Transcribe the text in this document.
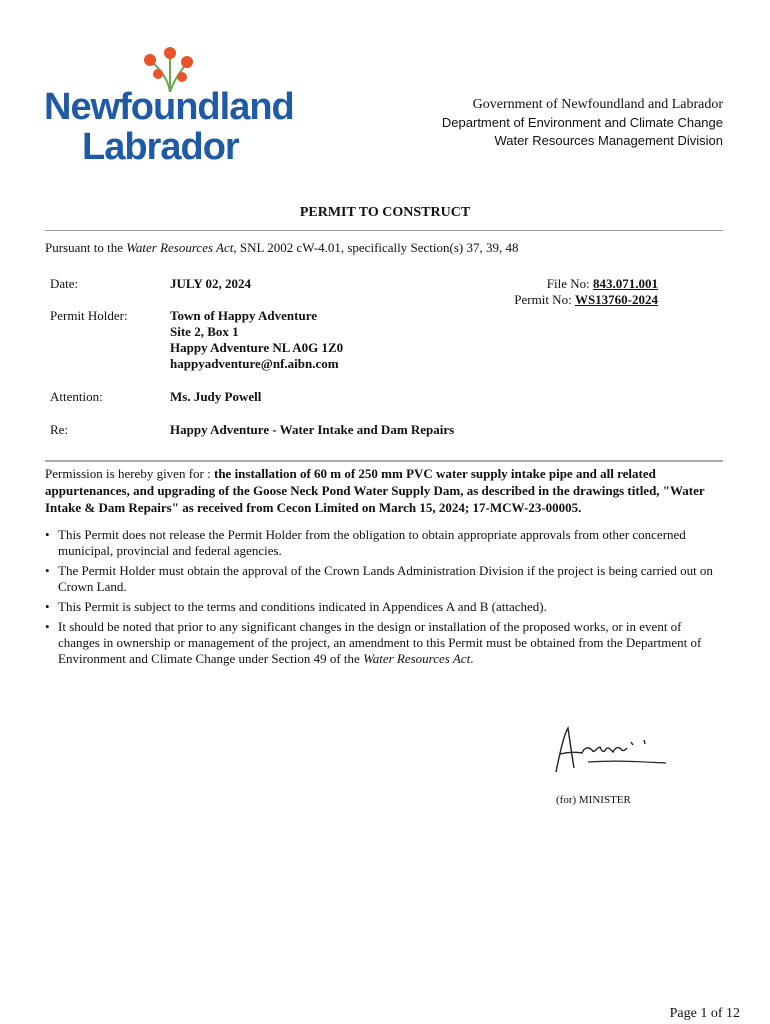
Newfoundland
Labrador
Government of Newfoundland and Labrador
Department of Environment and Climate Change
Water Resources Management Division
PERMIT TO CONSTRUCT
Pursuant to the Water Resources Act, SNL 2002 cW-4.01, specifically Section(s) 37, 39, 48
Date:	JULY 02, 2024	File No: 843.071.001
Permit No: WS13760-2024
Permit Holder:	Town of Happy Adventure
Site 2, Box 1
Happy Adventure NL A0G 1Z0
happyadventure@nf.aibn.com
Attention:	Ms. Judy Powell
Re:	Happy Adventure - Water Intake and Dam Repairs
Permission is hereby given for : the installation of 60 m of 250 mm PVC water supply intake pipe and all related appurtenances, and upgrading of the Goose Neck Pond Water Supply Dam, as described in the drawings titled, "Water Intake & Dam Repairs" as received from Cecon Limited on March 15, 2024; 17-MCW-23-00005.
• This Permit does not release the Permit Holder from the obligation to obtain appropriate approvals from other concerned municipal, provincial and federal agencies.
• The Permit Holder must obtain the approval of the Crown Lands Administration Division if the project is being carried out on Crown Land.
• This Permit is subject to the terms and conditions indicated in Appendices A and B (attached).
• It should be noted that prior to any significant changes in the design or installation of the proposed works, or in event of changes in ownership or management of the project, an amendment to this Permit must be obtained from the Department of Environment and Climate Change under Section 49 of the Water Resources Act.
(for) MINISTER
Page 1 of 12
